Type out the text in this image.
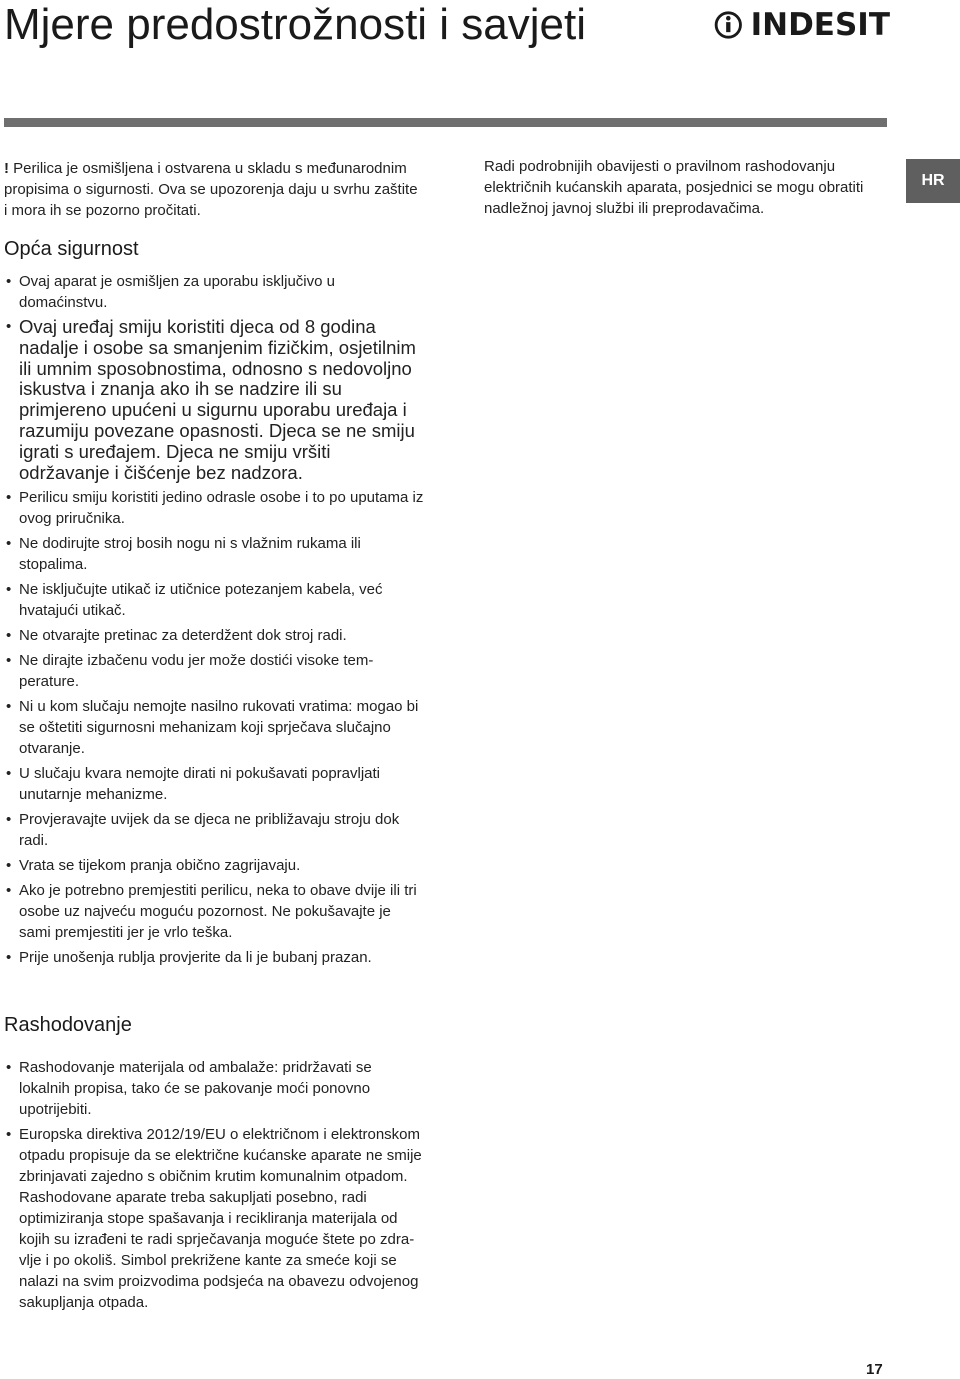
Mjere predostrožnosti i savjeti	INDESIT
! Perilica je osmišljena i ostvarena u skladu s međunarodnim propisima o sigurnosti. Ova se upozorenja daju u svrhu zaštite i mora ih se pozorno pročitati.
Radi podrobnijih obavijesti o pravilnom rashodovanju električnih kućanskih aparata, posjednici se mogu obratiti nadležnoj javnoj službi ili preprodavačima.
HR
Opća sigurnost
• Ovaj aparat je osmišljen za uporabu isključivo u domaćinstvu.
• Ovaj uređaj smiju koristiti djeca od 8 godina nadalje i osobe sa smanjenim fizičkim, osjetilnim ili umnim sposobnostima, odnosno s nedovoljno iskustva i znanja ako ih se nadzire ili su primjereno upućeni u sigurnu uporabu uređaja i razumiju povezane opasnosti. Djeca se ne smiju igrati s uređajem. Djeca ne smiju vršiti održavanje i čišćenje bez nadzora.
• Perilicu smiju koristiti jedino odrasle osobe i to po uputama iz ovog priručnika.
• Ne dodirujte stroj bosih nogu ni s vlažnim rukama ili stopalima.
• Ne isključujte utikač iz utičnice potezanjem kabela, već hvatajući utikač.
• Ne otvarajte pretinac za deterdžent dok stroj radi.
• Ne dirajte izbačenu vodu jer može dostići visoke temperature.
• Ni u kom slučaju nemojte nasilno rukovati vratima: mogao bi se oštetiti sigurnosni mehanizam koji sprječava slučajno otvaranje.
• U slučaju kvara nemojte dirati ni pokušavati popravljati unutarnje mehanizme.
• Provjeravajte uvijek da se djeca ne približavaju stroju dok radi.
• Vrata se tijekom pranja obično zagrijavaju.
• Ako je potrebno premjestiti perilicu, neka to obave dvije ili tri osobe uz najveću moguću pozornost. Ne pokušavajte je sami premjestiti jer je vrlo teška.
• Prije unošenja rublja provjerite da li je bubanj prazan.
Rashodovanje
• Rashodovanje materijala od ambalaže: pridržavati se lokalnih propisa, tako će se pakovanje moći ponovno upotrijebiti.
• Europska direktiva 2012/19/EU o električnom i elektronskom otpadu propisuje da se električne kućanske aparate ne smije zbrinjavati zajedno s običnim krutim komunalnim otpadom. Rashodovane aparate treba sakupljati posebno, radi optimiziranja stope spašavanja i recikliranja materijala od kojih su izrađeni te radi sprječavanja mogućе štete po zdravlje i po okoliš. Simbol prekrižene kante za smeće koji se nalazi na svim proizvodima podsjeća na obavezu odvojenog sakupljanja otpada.
17
